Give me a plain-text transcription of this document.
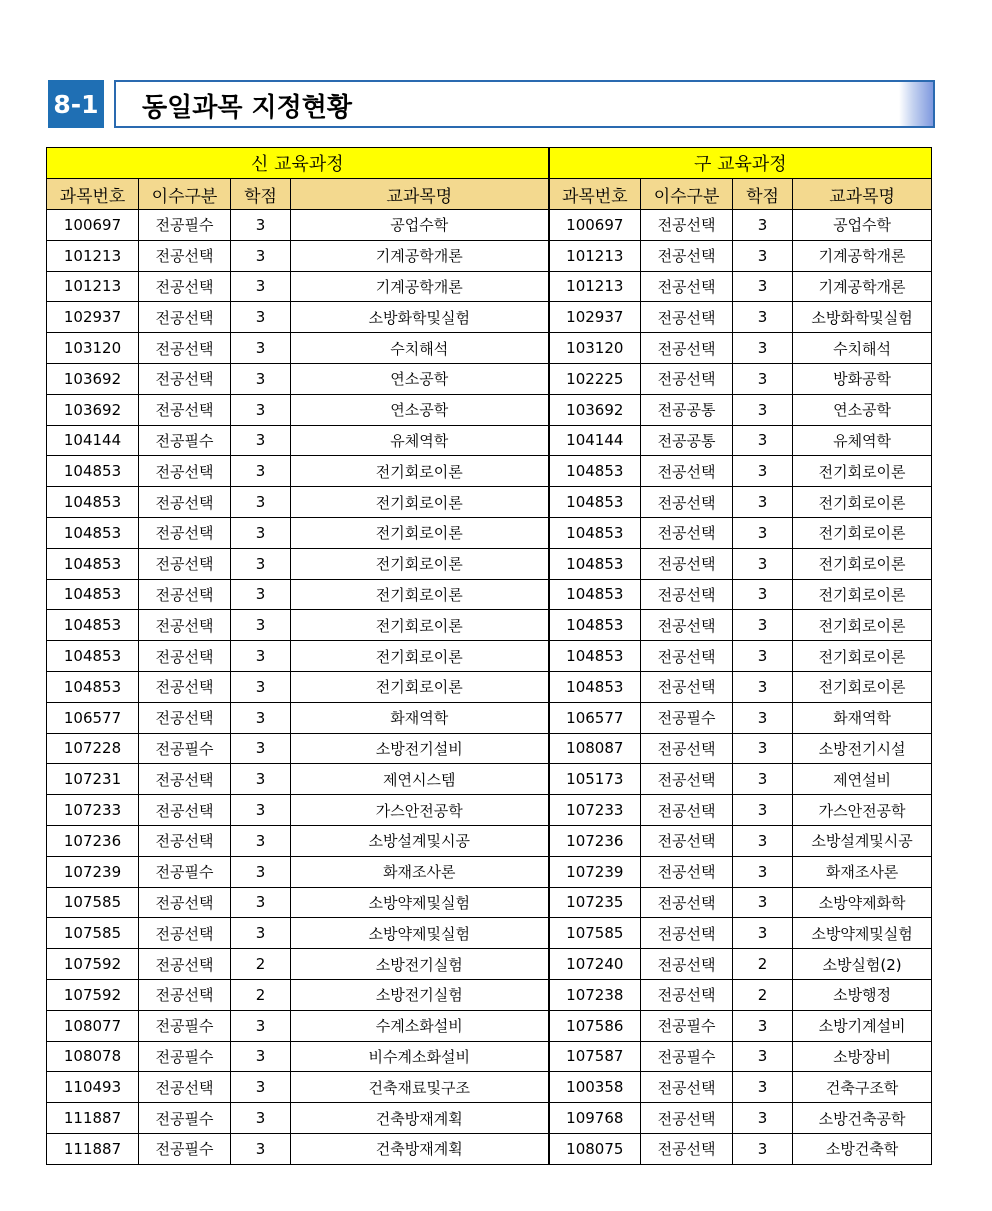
8-1 동일과목 지정현황
신 교육과정				구 교육과정			
과목번호	이수구분	학점	교과목명	과목번호	이수구분	학점	교과목명
100697	전공필수	3	공업수학	100697	전공선택	3	공업수학
101213	전공선택	3	기계공학개론	101213	전공선택	3	기계공학개론
101213	전공선택	3	기계공학개론	101213	전공선택	3	기계공학개론
102937	전공선택	3	소방화학및실험	102937	전공선택	3	소방화학및실험
103120	전공선택	3	수치해석	103120	전공선택	3	수치해석
103692	전공선택	3	연소공학	102225	전공선택	3	방화공학
103692	전공선택	3	연소공학	103692	전공공통	3	연소공학
104144	전공필수	3	유체역학	104144	전공공통	3	유체역학
104853	전공선택	3	전기회로이론	104853	전공선택	3	전기회로이론
104853	전공선택	3	전기회로이론	104853	전공선택	3	전기회로이론
104853	전공선택	3	전기회로이론	104853	전공선택	3	전기회로이론
104853	전공선택	3	전기회로이론	104853	전공선택	3	전기회로이론
104853	전공선택	3	전기회로이론	104853	전공선택	3	전기회로이론
104853	전공선택	3	전기회로이론	104853	전공선택	3	전기회로이론
104853	전공선택	3	전기회로이론	104853	전공선택	3	전기회로이론
104853	전공선택	3	전기회로이론	104853	전공선택	3	전기회로이론
106577	전공선택	3	화재역학	106577	전공필수	3	화재역학
107228	전공필수	3	소방전기설비	108087	전공선택	3	소방전기시설
107231	전공선택	3	제연시스템	105173	전공선택	3	제연설비
107233	전공선택	3	가스안전공학	107233	전공선택	3	가스안전공학
107236	전공선택	3	소방설계및시공	107236	전공선택	3	소방설계및시공
107239	전공필수	3	화재조사론	107239	전공선택	3	화재조사론
107585	전공선택	3	소방약제및실험	107235	전공선택	3	소방약제화학
107585	전공선택	3	소방약제및실험	107585	전공선택	3	소방약제및실험
107592	전공선택	2	소방전기실험	107240	전공선택	2	소방실험(2)
107592	전공선택	2	소방전기실험	107238	전공선택	2	소방행정
108077	전공필수	3	수계소화설비	107586	전공필수	3	소방기계설비
108078	전공필수	3	비수계소화설비	107587	전공필수	3	소방장비
110493	전공선택	3	건축재료및구조	100358	전공선택	3	건축구조학
111887	전공필수	3	건축방재계획	109768	전공선택	3	소방건축공학
111887	전공필수	3	건축방재계획	108075	전공선택	3	소방건축학
